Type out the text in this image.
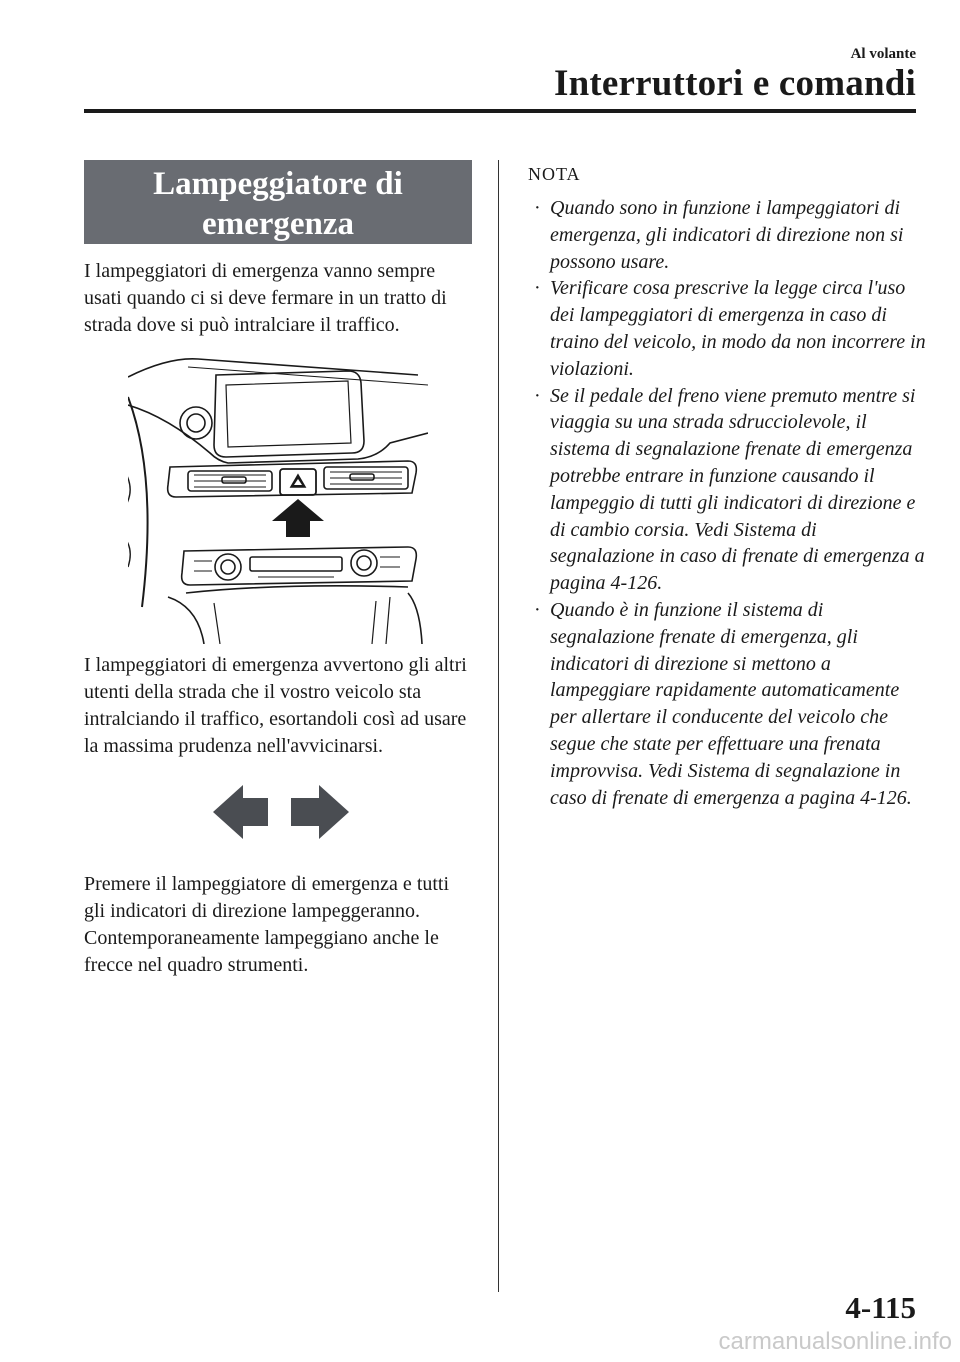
Al volante
Interruttori e comandi
Lampeggiatore di
emergenza

I lampeggiatori di emergenza vanno sempre usati quando ci si deve fermare in un tratto di strada dove si può intralciare il traffico.

I lampeggiatori di emergenza avvertono gli altri utenti della strada che il vostro veicolo sta intralciando il traffico, esortandoli così ad usare la massima prudenza nell'avvicinarsi.

Premere il lampeggiatore di emergenza e tutti gli indicatori di direzione lampeggeranno. Contemporaneamente lampeggiano anche le frecce nel quadro strumenti.

NOTA
· Quando sono in funzione i lampeggiatori di emergenza, gli indicatori di direzione non si possono usare.
· Verificare cosa prescrive la legge circa l'uso dei lampeggiatori di emergenza in caso di traino del veicolo, in modo da non incorrere in violazioni.
· Se il pedale del freno viene premuto mentre si viaggia su una strada sdrucciolevole, il sistema di segnalazione frenate di emergenza potrebbe entrare in funzione causando il lampeggio di tutti gli indicatori di direzione e di cambio corsia. Vedi Sistema di segnalazione in caso di frenate di emergenza a pagina 4-126.
· Quando è in funzione il sistema di segnalazione frenate di emergenza, gli indicatori di direzione si mettono a lampeggiare rapidamente automaticamente per allertare il conducente del veicolo che segue che state per effettuare una frenata improvvisa. Vedi Sistema di segnalazione in caso di frenate di emergenza a pagina 4-126.
4-115
carmanualsonline.info
